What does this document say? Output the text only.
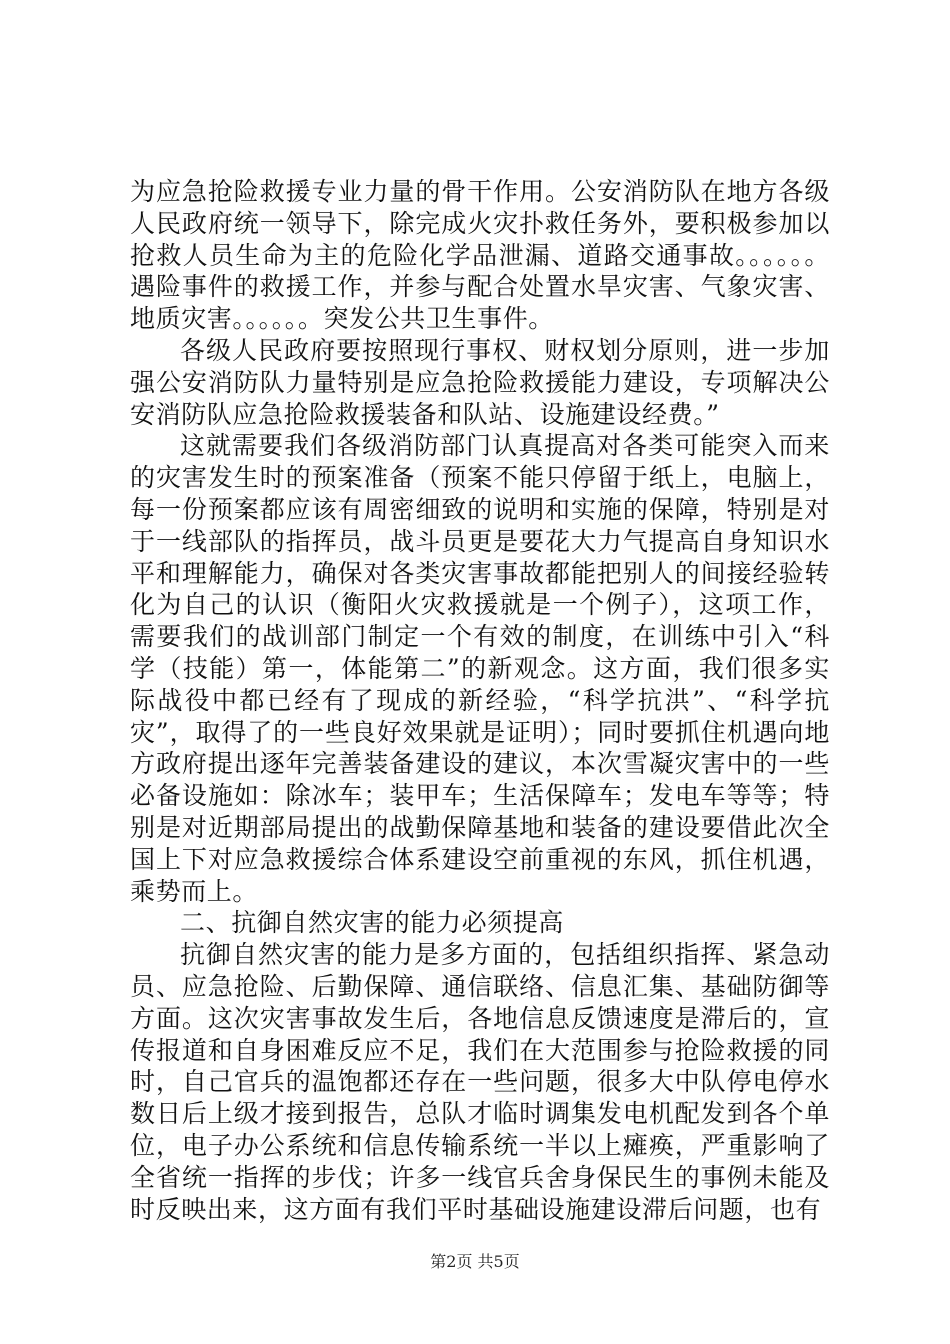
为应急抢险救援专业力量的骨干作用。公安消防队在地方各级人民政府统一领导下，除完成火灾扑救任务外，要积极参加以抢救人员生命为主的危险化学品泄漏、道路交通事故。。。。。。遇险事件的救援工作，并参与配合处置水旱灾害、气象灾害、地质灾害。。。。。。突发公共卫生事件。

各级人民政府要按照现行事权、财权划分原则，进一步加强公安消防队力量特别是应急抢险救援能力建设，专项解决公安消防队应急抢险救援装备和队站、设施建设经费。”

这就需要我们各级消防部门认真提高对各类可能突入而来的灾害发生时的预案准备（预案不能只停留于纸上，电脑上，每一份预案都应该有周密细致的说明和实施的保障，特别是对于一线部队的指挥员，战斗员更是要花大力气提高自身知识水平和理解能力，确保对各类灾害事故都能把别人的间接经验转化为自己的认识（衡阳火灾救援就是一个例子），这项工作，需要我们的战训部门制定一个有效的制度，在训练中引入“科学（技能）第一，体能第二”的新观念。这方面，我们很多实际战役中都已经有了现成的新经验，“科学抗洪”、“科学抗灾”，取得了的一些良好效果就是证明）；同时要抓住机遇向地方政府提出逐年完善装备建设的建议，本次雪凝灾害中的一些必备设施如：除冰车；装甲车；生活保障车；发电车等等；特别是对近期部局提出的战勤保障基地和装备的建设要借此次全国上下对应急救援综合体系建设空前重视的东风，抓住机遇，乘势而上。

二、抗御自然灾害的能力必须提高

抗御自然灾害的能力是多方面的，包括组织指挥、紧急动员、应急抢险、后勤保障、通信联络、信息汇集、基础防御等方面。这次灾害事故发生后，各地信息反馈速度是滞后的，宣传报道和自身困难反应不足，我们在大范围参与抢险救援的同时，自己官兵的温饱都还存在一些问题，很多大中队停电停水数日后上级才接到报告，总队才临时调集发电机配发到各个单位，电子办公系统和信息传输系统一半以上瘫痪，严重影响了全省统一指挥的步伐；许多一线官兵舍身保民生的事例未能及时反映出来，这方面有我们平时基础设施建设滞后问题，也有

第2页 共5页
